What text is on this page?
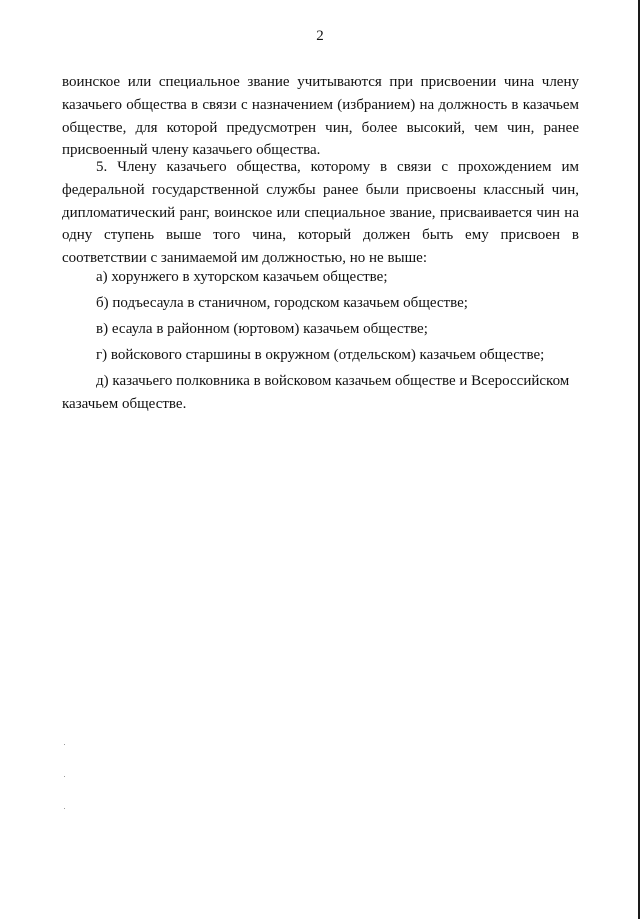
2

воинское или специальное звание учитываются при присвоении чина члену казачьего общества в связи с назначением (избранием) на должность в казачьем обществе, для которой предусмотрен чин, более высокий, чем чин, ранее присвоенный члену казачьего общества.

5. Члену казачьего общества, которому в связи с прохождением им федеральной государственной службы ранее были присвоены классный чин, дипломатический ранг, воинское или специальное звание, присваивается чин на одну ступень выше того чина, который должен быть ему присвоен в соответствии с занимаемой им должностью, но не выше:

а) хорунжего в хуторском казачьем обществе;
б) подъесаула в станичном, городском казачьем обществе;
в) есаула в районном (юртовом) казачьем обществе;
г) войскового старшины в окружном (отдельском) казачьем обществе;
д) казачьего полковника в войсковом казачьем обществе и Всероссийском казачьем обществе.
